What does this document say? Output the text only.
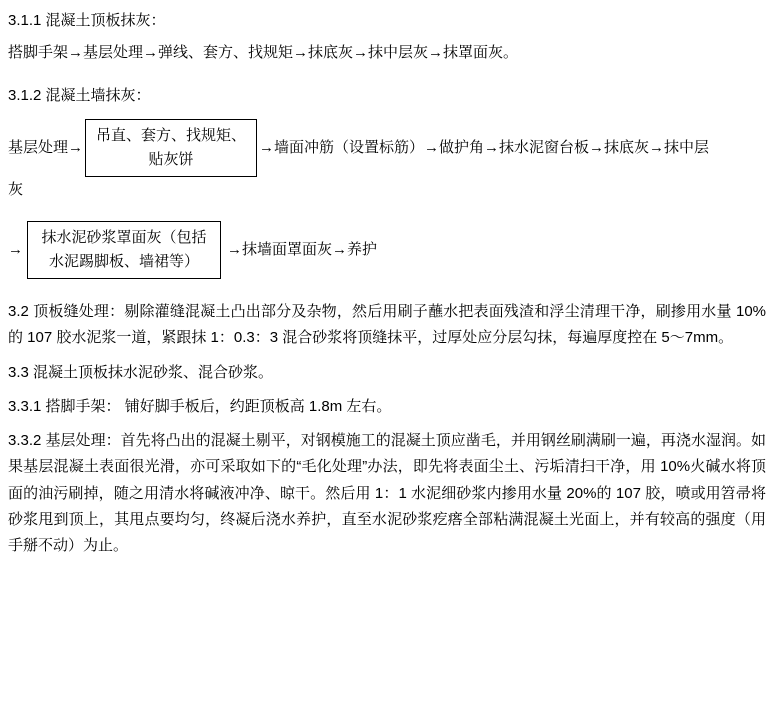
3.1.1 混凝土顶板抹灰：
搭脚手架→基层处理→弹线、套方、找规矩→抹底灰→抹中层灰→抹罩面灰。
3.1.2 混凝土墙抹灰：
基层处理→
吊直、套方、找规矩、贴灰饼
→墙面冲筋（设置标筋）→做护角→抹水泥窗台板→抹底灰→抹中层
灰
→
抹水泥砂浆罩面灰（包括水泥踢脚板、墙裙等）
→抹墙面罩面灰→养护
3.2 顶板缝处理：剔除灌缝混凝土凸出部分及杂物，然后用刷子蘸水把表面残渣和浮尘清理干净，刷掺用水量 10%的 107 胶水泥浆一道，紧跟抹 1：0.3：3 混合砂浆将顶缝抹平，过厚处应分层勾抹，每遍厚度控在 5～7mm。
3.3 混凝土顶板抹水泥砂浆、混合砂浆。
3.3.1 搭脚手架： 铺好脚手板后，约距顶板高 1.8m 左右。
3.3.2 基层处理：首先将凸出的混凝土剔平，对钢模施工的混凝土顶应凿毛，并用钢丝刷满刷一遍，再浇水湿润。如果基层混凝土表面很光滑，亦可采取如下的“毛化处理”办法，即先将表面尘土、污垢清扫干净，用 10%火碱水将顶面的油污刷掉，随之用清水将碱液冲净、晾干。然后用 1：1 水泥细砂浆内掺用水量 20%的 107 胶，喷或用笤帚将砂浆甩到顶上，其甩点要均匀，终凝后浇水养护，直至水泥砂浆疙瘩全部粘满混凝土光面上，并有较高的强度（用手掰不动）为止。
